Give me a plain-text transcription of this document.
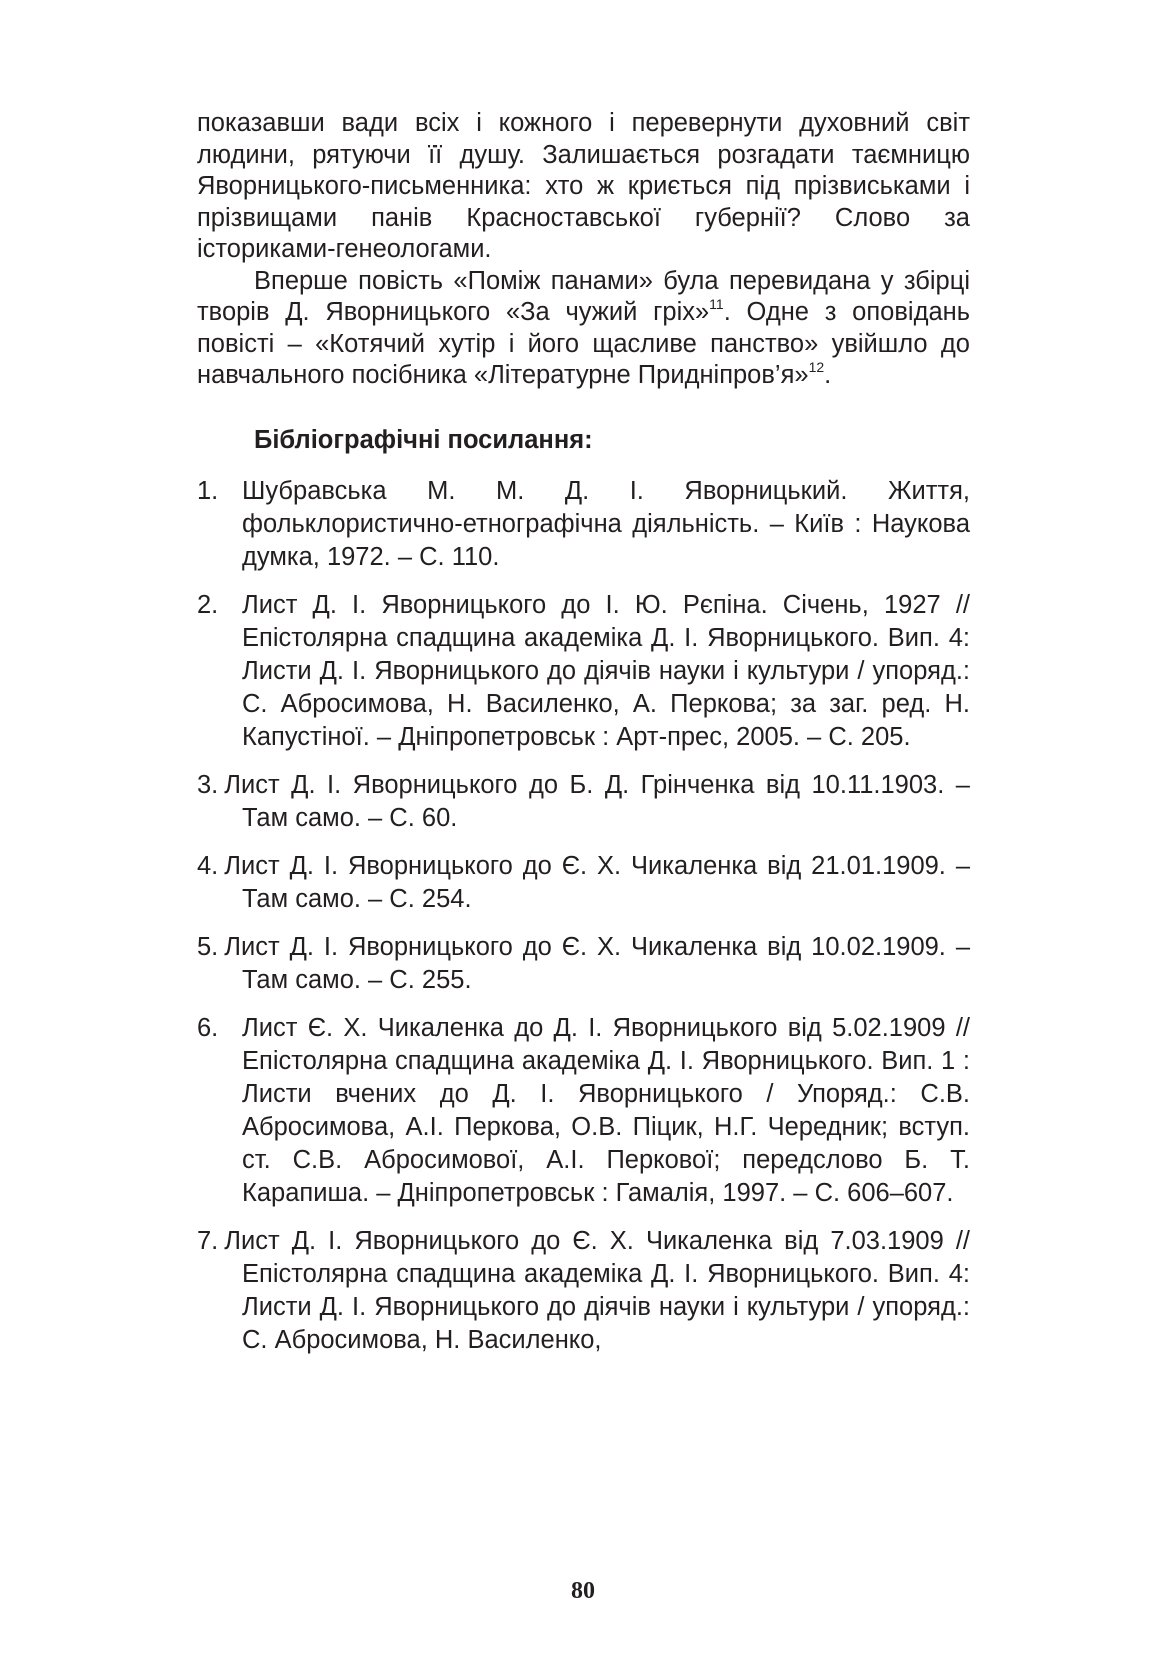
показавши вади всіх і кожного і перевернути духовний світ людини, рятуючи її душу. Залишається розгадати таємницю Яворницького-письменника: хто ж криється під прізвиськами і прізвищами панів Красноставської губернії? Слово за істориками-генеологами.

Вперше повість «Поміж панами» була перевидана у збірці творів Д. Яворницького «За чужий гріх»$^{11}$. Одне з оповідань повісті – «Котячий хутір і його щасливе панство» увійшло до навчального посібника «Літературне Придніпров’я»$^{12}$.

Бібліографічні посилання:
1. Шубравська М. М. Д. І. Яворницький. Життя, фольклористично-етнографічна діяльність. – Київ : Наукова думка, 1972. – С. 110.
2. Лист Д. І. Яворницького до І. Ю. Рєпіна. Січень, 1927 // Епістолярна спадщина академіка Д. І. Яворницького. Вип. 4: Листи Д. І. Яворницького до діячів науки і культури / упоряд.: С. Абросимова, Н. Василенко, А. Перкова; за заг. ред. Н. Капустіної. – Дніпропетровськ : Арт-прес, 2005. – С. 205.
3. Лист Д. І. Яворницького до Б. Д. Грінченка від 10.11.1903. – Там само. – С. 60.
4. Лист Д. І. Яворницького до Є. Х. Чикаленка від 21.01.1909. – Там само. – С. 254.
5. Лист Д. І. Яворницького до Є. Х. Чикаленка від 10.02.1909. – Там само. – С. 255.
6. Лист Є. Х. Чикаленка до Д. І. Яворницького від 5.02.1909 // Епістолярна спадщина академіка Д. І. Яворницького. Вип. 1 : Листи вчених до Д. І. Яворницького / Упоряд.: С.В. Абросимова, А.І. Перкова, О.В. Піцик, Н.Г. Чередник; вступ. ст. С.В. Абросимової, А.І. Перкової; передслово Б. Т. Карапиша. – Дніпропетровськ : Гамалія, 1997. – С. 606–607.
7. Лист Д. І. Яворницького до Є. Х. Чикаленка від 7.03.1909 // Епістолярна спадщина академіка Д. І. Яворницького. Вип. 4: Листи Д. І. Яворницького до діячів науки і культури / упоряд.: С. Абросимова, Н. Василенко,
80
